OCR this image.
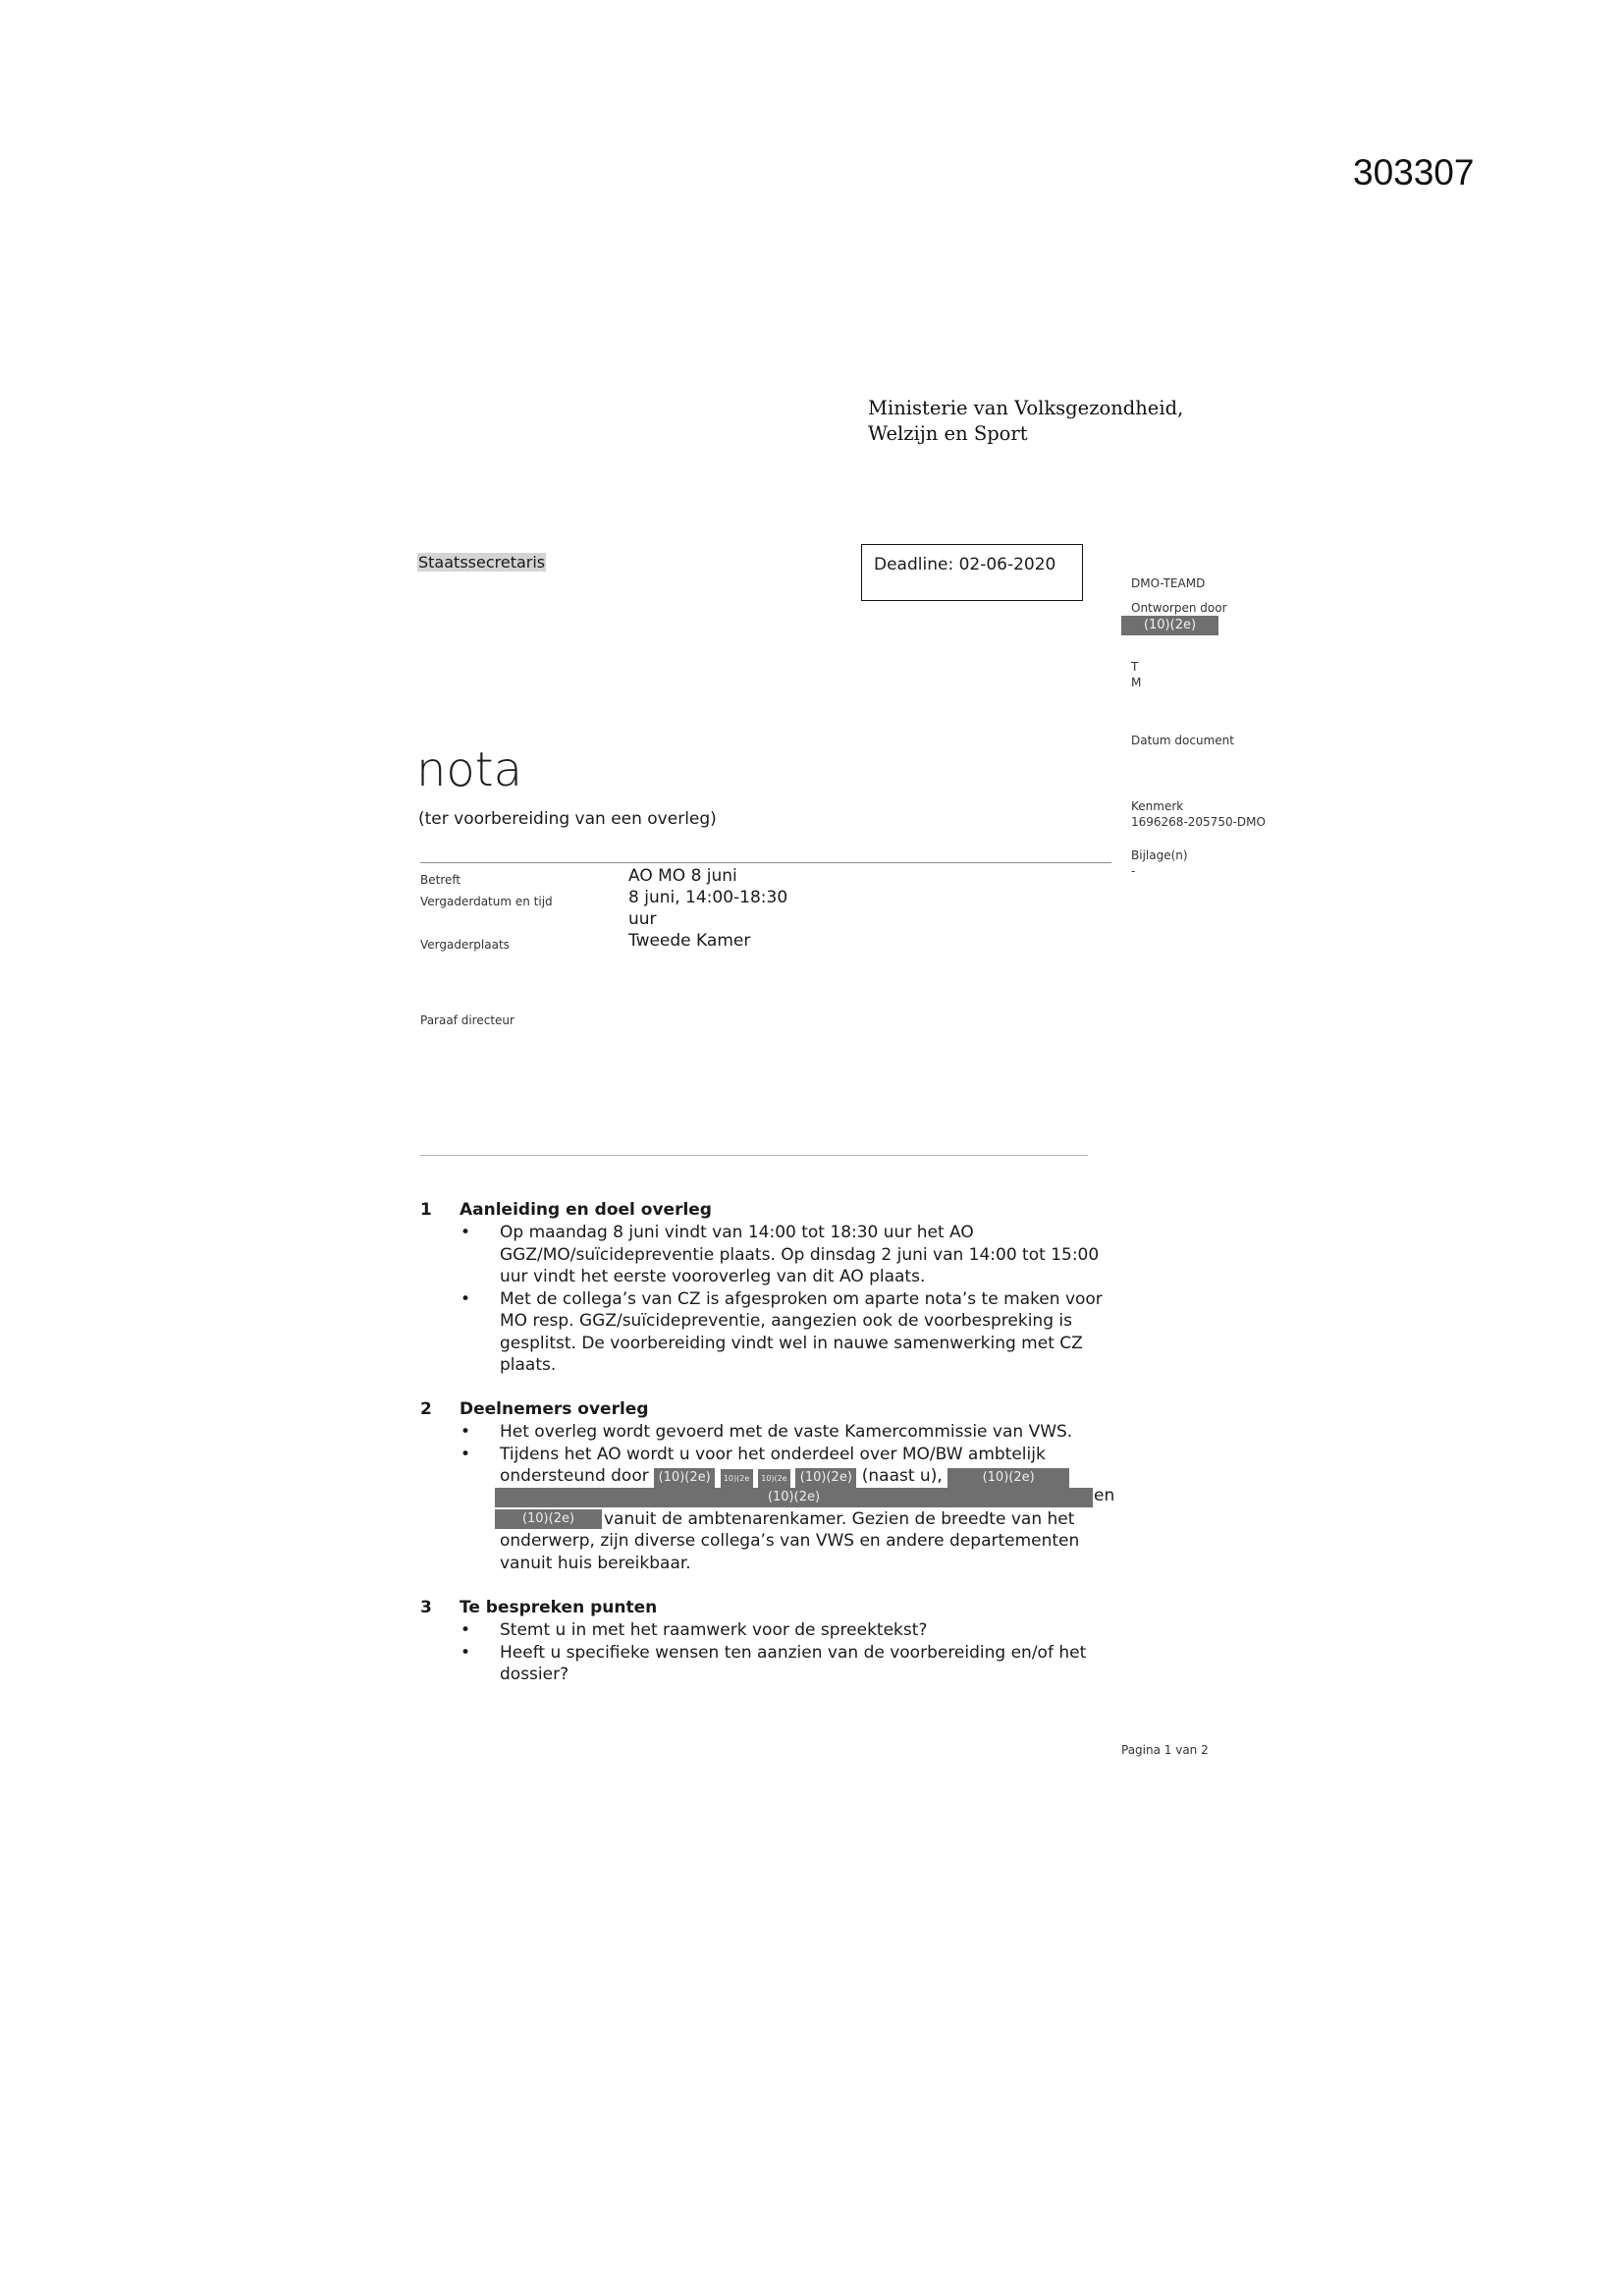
303307
Ministerie van Volksgezondheid,
Welzijn en Sport
Staatssecretaris	Deadline: 02-06-2020
DMO-TEAMD
Ontworpen door
(10)(2e)
T
M
Datum document
Kenmerk
1696268-205750-DMO
Bijlage(n)
-
nota
(ter voorbereiding van een overleg)
Betreft	AO MO 8 juni
Vergaderdatum en tijd	8 juni, 14:00-18:30
uur
Vergaderplaats	Tweede Kamer
Paraaf directeur
1 Aanleiding en doel overleg
•	Op maandag 8 juni vindt van 14:00 tot 18:30 uur het AO
GGZ/MO/suïcidepreventie plaats. Op dinsdag 2 juni van 14:00 tot 15:00
uur vindt het eerste vooroverleg van dit AO plaats.
•	Met de collega’s van CZ is afgesproken om aparte nota’s te maken voor
MO resp. GGZ/suïcidepreventie, aangezien ook de voorbespreking is
gesplitst. De voorbereiding vindt wel in nauwe samenwerking met CZ
plaats.
2 Deelnemers overleg
•	Het overleg wordt gevoerd met de vaste Kamercommissie van VWS.
•	Tijdens het AO wordt u voor het onderdeel over MO/BW ambtelijk
ondersteund door (10)(2e) 10)(2e 10)(2e (10)(2e) (naast u),	(10)(2e)
(10)(2e)	en
(10)(2e)	vanuit de ambtenarenkamer. Gezien de breedte van het
onderwerp, zijn diverse collega’s van VWS en andere departementen
vanuit huis bereikbaar.
3 Te bespreken punten
•	Stemt u in met het raamwerk voor de spreektekst?
•	Heeft u specifieke wensen ten aanzien van de voorbereiding en/of het
dossier?
Pagina 1 van 2
